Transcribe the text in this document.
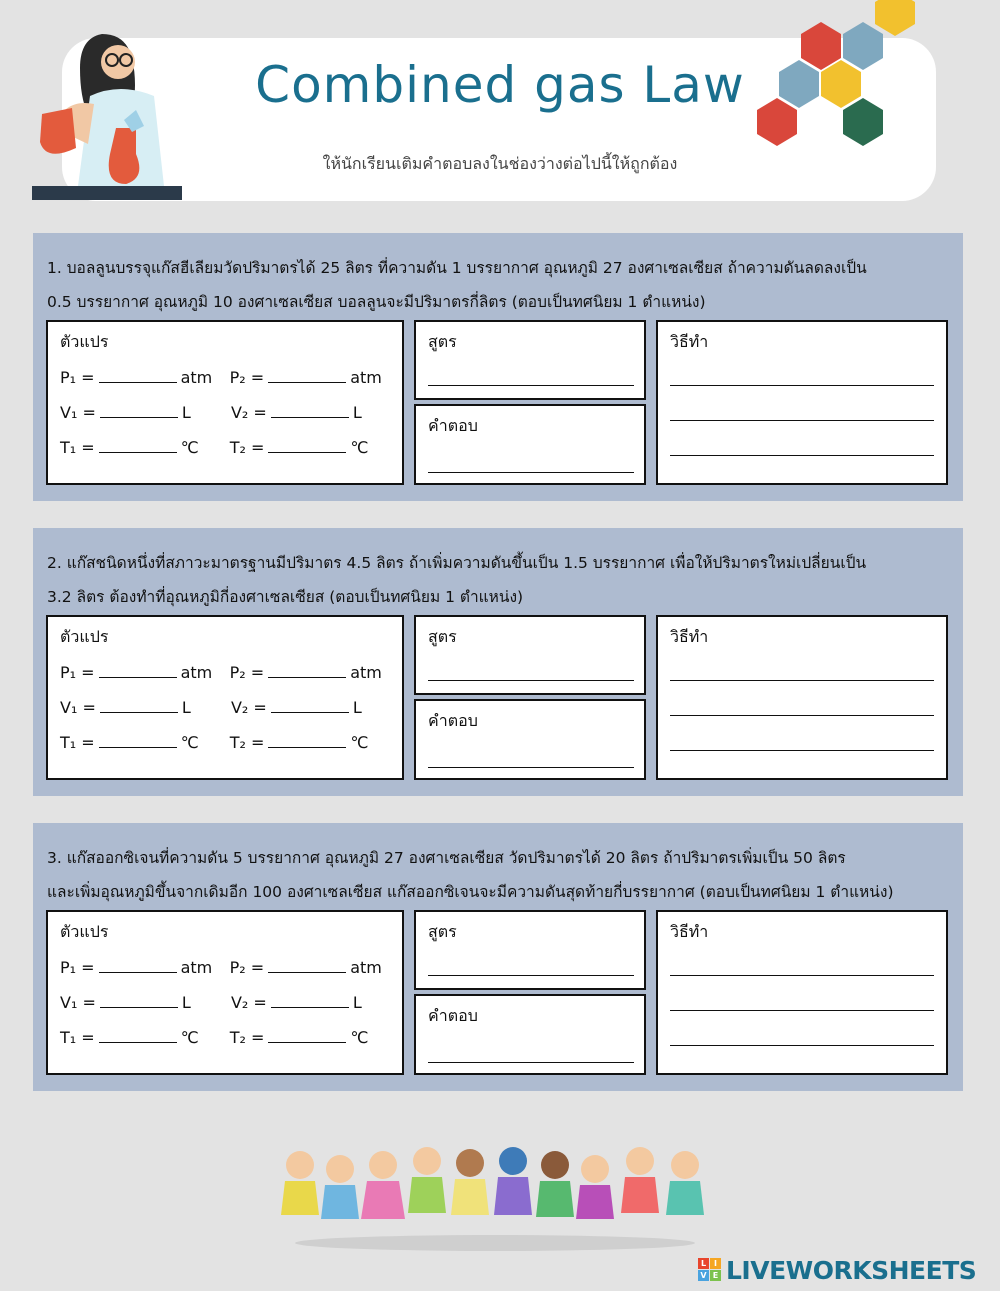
Combined gas Law
ให้นักเรียนเติมคำตอบลงในช่องว่างต่อไปนี้ให้ถูกต้อง
1. บอลลูนบรรจุแก๊สฮีเลียมวัดปริมาตรได้ 25 ลิตร ที่ความดัน 1 บรรยากาศ อุณหภูมิ 27 องศาเซลเซียส ถ้าความดันลดลงเป็น
0.5 บรรยากาศ อุณหภูมิ 10 องศาเซลเซียส บอลลูนจะมีปริมาตรกี่ลิตร (ตอบเป็นทศนิยม 1 ตำแหน่ง)
ตัวแปร
P₁ =	atm P₂ =	atm
V₁ =	L	V₂ =	L
T₁ =	℃ T₂ =	℃
สูตร
คำตอบ
วิธีทำ
2. แก๊สชนิดหนึ่งที่สภาวะมาตรฐานมีปริมาตร 4.5 ลิตร ถ้าเพิ่มความดันขึ้นเป็น 1.5 บรรยากาศ เพื่อให้ปริมาตรใหม่เปลี่ยนเป็น
3.2 ลิตร ต้องทำที่อุณหภูมิกี่องศาเซลเซียส (ตอบเป็นทศนิยม 1 ตำแหน่ง)
ตัวแปร
P₁ =	atm P₂ =	atm
V₁ =	L	V₂ =	L
T₁ =	℃ T₂ =	℃
สูตร
คำตอบ
วิธีทำ
3. แก๊สออกซิเจนที่ความดัน 5 บรรยากาศ อุณหภูมิ 27 องศาเซลเซียส วัดปริมาตรได้ 20 ลิตร ถ้าปริมาตรเพิ่มเป็น 50 ลิตร
และเพิ่มอุณหภูมิขึ้นจากเดิมอีก 100 องศาเซลเซียส แก๊สออกซิเจนจะมีความดันสุดท้ายกี่บรรยากาศ (ตอบเป็นทศนิยม 1 ตำแหน่ง)
ตัวแปร
P₁ =	atm P₂ =	atm
V₁ =	L	V₂ =	L
T₁ =	℃ T₂ =	℃
สูตร
คำตอบ
วิธีทำ
L I
V E LIVEWORKSHEETS
